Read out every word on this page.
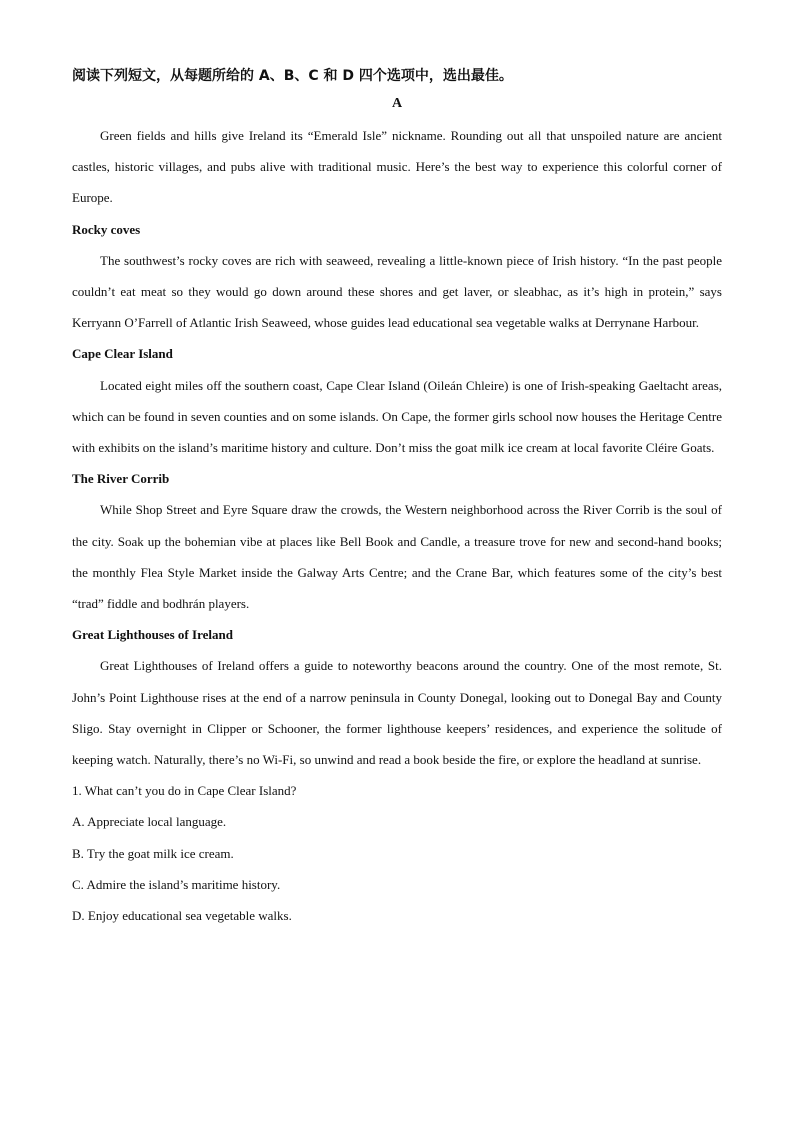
阅读下列短文，从每题所给的 A、B、C 和 D 四个选项中，选出最佳。
A

Green fields and hills give Ireland its “Emerald Isle” nickname. Rounding out all that unspoiled nature are ancient castles, historic villages, and pubs alive with traditional music. Here’s the best way to experience this colorful corner of Europe.

Rocky coves

The southwest’s rocky coves are rich with seaweed, revealing a little-known piece of Irish history. “In the past people couldn’t eat meat so they would go down around these shores and get laver, or sleabhac, as it’s high in protein,” says Kerryann O’Farrell of Atlantic Irish Seaweed, whose guides lead educational sea vegetable walks at Derrynane Harbour.

Cape Clear Island

Located eight miles off the southern coast, Cape Clear Island (Oileán Chleire) is one of Irish-speaking Gaeltacht areas, which can be found in seven counties and on some islands. On Cape, the former girls school now houses the Heritage Centre with exhibits on the island’s maritime history and culture. Don’t miss the goat milk ice cream at local favorite Cléire Goats.

The River Corrib

While Shop Street and Eyre Square draw the crowds, the Western neighborhood across the River Corrib is the soul of the city. Soak up the bohemian vibe at places like Bell Book and Candle, a treasure trove for new and second-hand books; the monthly Flea Style Market inside the Galway Arts Centre; and the Crane Bar, which features some of the city’s best “trad” fiddle and bodhrán players.

Great Lighthouses of Ireland

Great Lighthouses of Ireland offers a guide to noteworthy beacons around the country. One of the most remote, St. John’s Point Lighthouse rises at the end of a narrow peninsula in County Donegal, looking out to Donegal Bay and County Sligo. Stay overnight in Clipper or Schooner, the former lighthouse keepers’ residences, and experience the solitude of keeping watch. Naturally, there’s no Wi-Fi, so unwind and read a book beside the fire, or explore the headland at sunrise.

1. What can’t you do in Cape Clear Island?
A. Appreciate local language.
B. Try the goat milk ice cream.
C. Admire the island’s maritime history.
D. Enjoy educational sea vegetable walks.
